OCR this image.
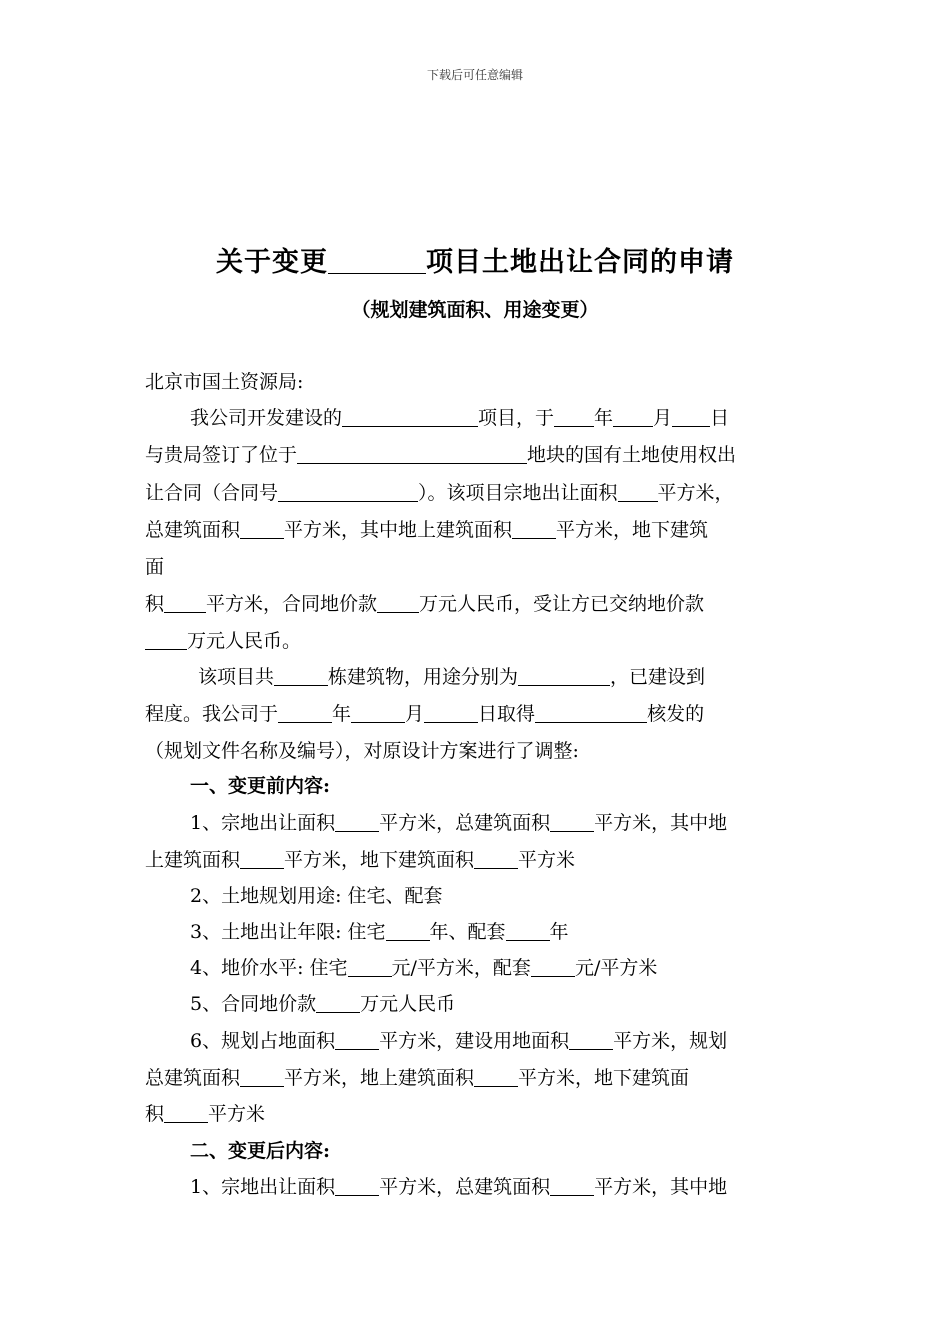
下载后可任意编辑
关于变更	项目土地出让合同的申请
（规划建筑面积、用途变更）
北京市国土资源局:
我公司开发建设的	项目，于 年 月 日
与贵局签订了位于	地块的国有土地使用权出
让合同（合同号	）。该项目宗地出让面积 平方米，
总建筑面积 平方米，其中地上建筑面积 平方米，地下建筑
面
积 平方米，合同地价款 万元人民币，受让方已交纳地价款
万元人民币。
该项目共	栋建筑物，用途分别为	，已建设到
程度。我公司于	年	月	日取得	核发的
（规划文件名称及编号），对原设计方案进行了调整:
一、变更前内容:
1、宗地出让面积 平方米，总建筑面积 平方米，其中地
上建筑面积 平方米，地下建筑面积 平方米
2、土地规划用途: 住宅、配套
3、土地出让年限: 住宅 年、配套 年
4、地价水平: 住宅 元/平方米，配套 元/平方米
5、合同地价款 万元人民币
6、规划占地面积 平方米，建设用地面积 平方米，规划
总建筑面积 平方米，地上建筑面积 平方米，地下建筑面
积 平方米
二、变更后内容:
1、宗地出让面积 平方米，总建筑面积 平方米，其中地
